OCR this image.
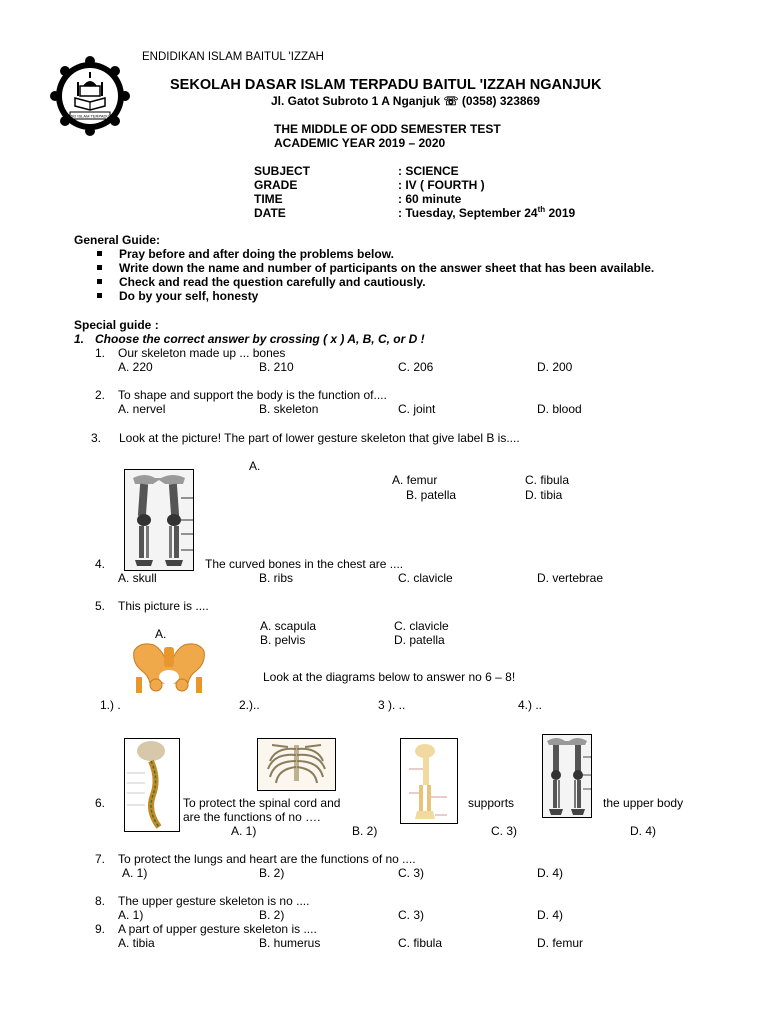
ENDIDIKAN ISLAM BAITUL 'IZZAH
SD ISLAM TERPADU
SEKOLAH DASAR ISLAM TERPADU BAITUL 'IZZAH NGANJUK
Jl. Gatot Subroto 1 A Nganjuk ☏ (0358) 323869
THE MIDDLE OF ODD SEMESTER TEST
ACADEMIC YEAR 2019 – 2020
SUBJECT	: SCIENCE
GRADE	: IV ( FOURTH )
TIME	: 60 minute
DATE	: Tuesday, September 24th 2019
General Guide:
Pray before and after doing the problems below.
Write down the name and number of participants on the answer sheet that has been available.
Check and read the question carefully and cautiously.
Do by your self, honesty
Special guide :
1. Choose the correct answer by crossing ( x ) A, B, C, or D !
1. Our skeleton made up ... bones
A. 220	B. 210	C. 206	D. 200
2. To shape and support the body is the function of....
A. nervel	B. skeleton	C. joint	D. blood
3. Look at the picture! The part of lower gesture skeleton that give label B is....
A.
A. femur	C. fibula
B. patella	D. tibia
4.	The curved bones in the chest are ....
A. skull	B. ribs	C. clavicle	D. vertebrae
5. This picture is ....
A. scapula	C. clavicle
B. pelvis	D. patella
A.
Look at the diagrams below to answer no 6 – 8!
1.) .	2.)..	3 ). ..	4.) ..
6.	To protect the spinal cord and
are the functions of no ….
supports	the upper body
A. 1)	B. 2)	C. 3)	D. 4)
7. To protect the lungs and heart are the functions of no ....
A. 1)	B. 2)	C. 3)	D. 4)
8. The upper gesture skeleton is no ....
A. 1)	B. 2)	C. 3)	D. 4)
9. A part of upper gesture skeleton is ....
A. tibia	B. humerus	C. fibula	D. femur
